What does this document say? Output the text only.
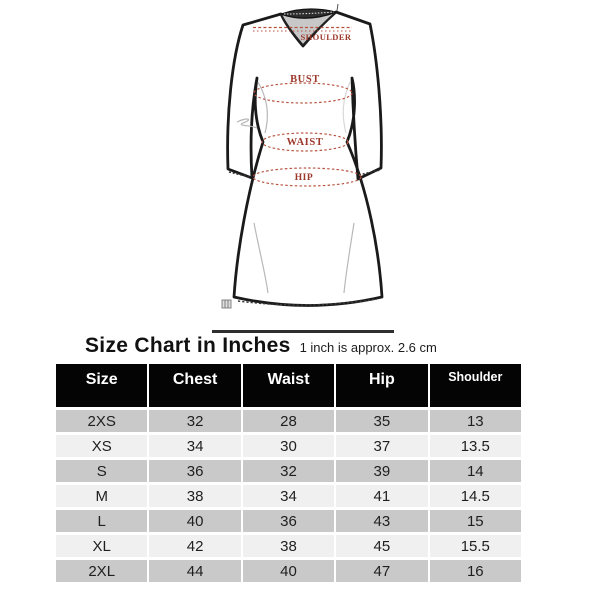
SHOULDER
BUST
WAIST
HIP
Size Chart in Inches 1 inch is approx. 2.6 cm
Size	Chest	Waist	Hip	Shoulder
2XS	32	28	35	13
XS	34	30	37	13.5
S	36	32	39	14
M	38	34	41	14.5
L	40	36	43	15
XL	42	38	45	15.5
2XL	44	40	47	16
